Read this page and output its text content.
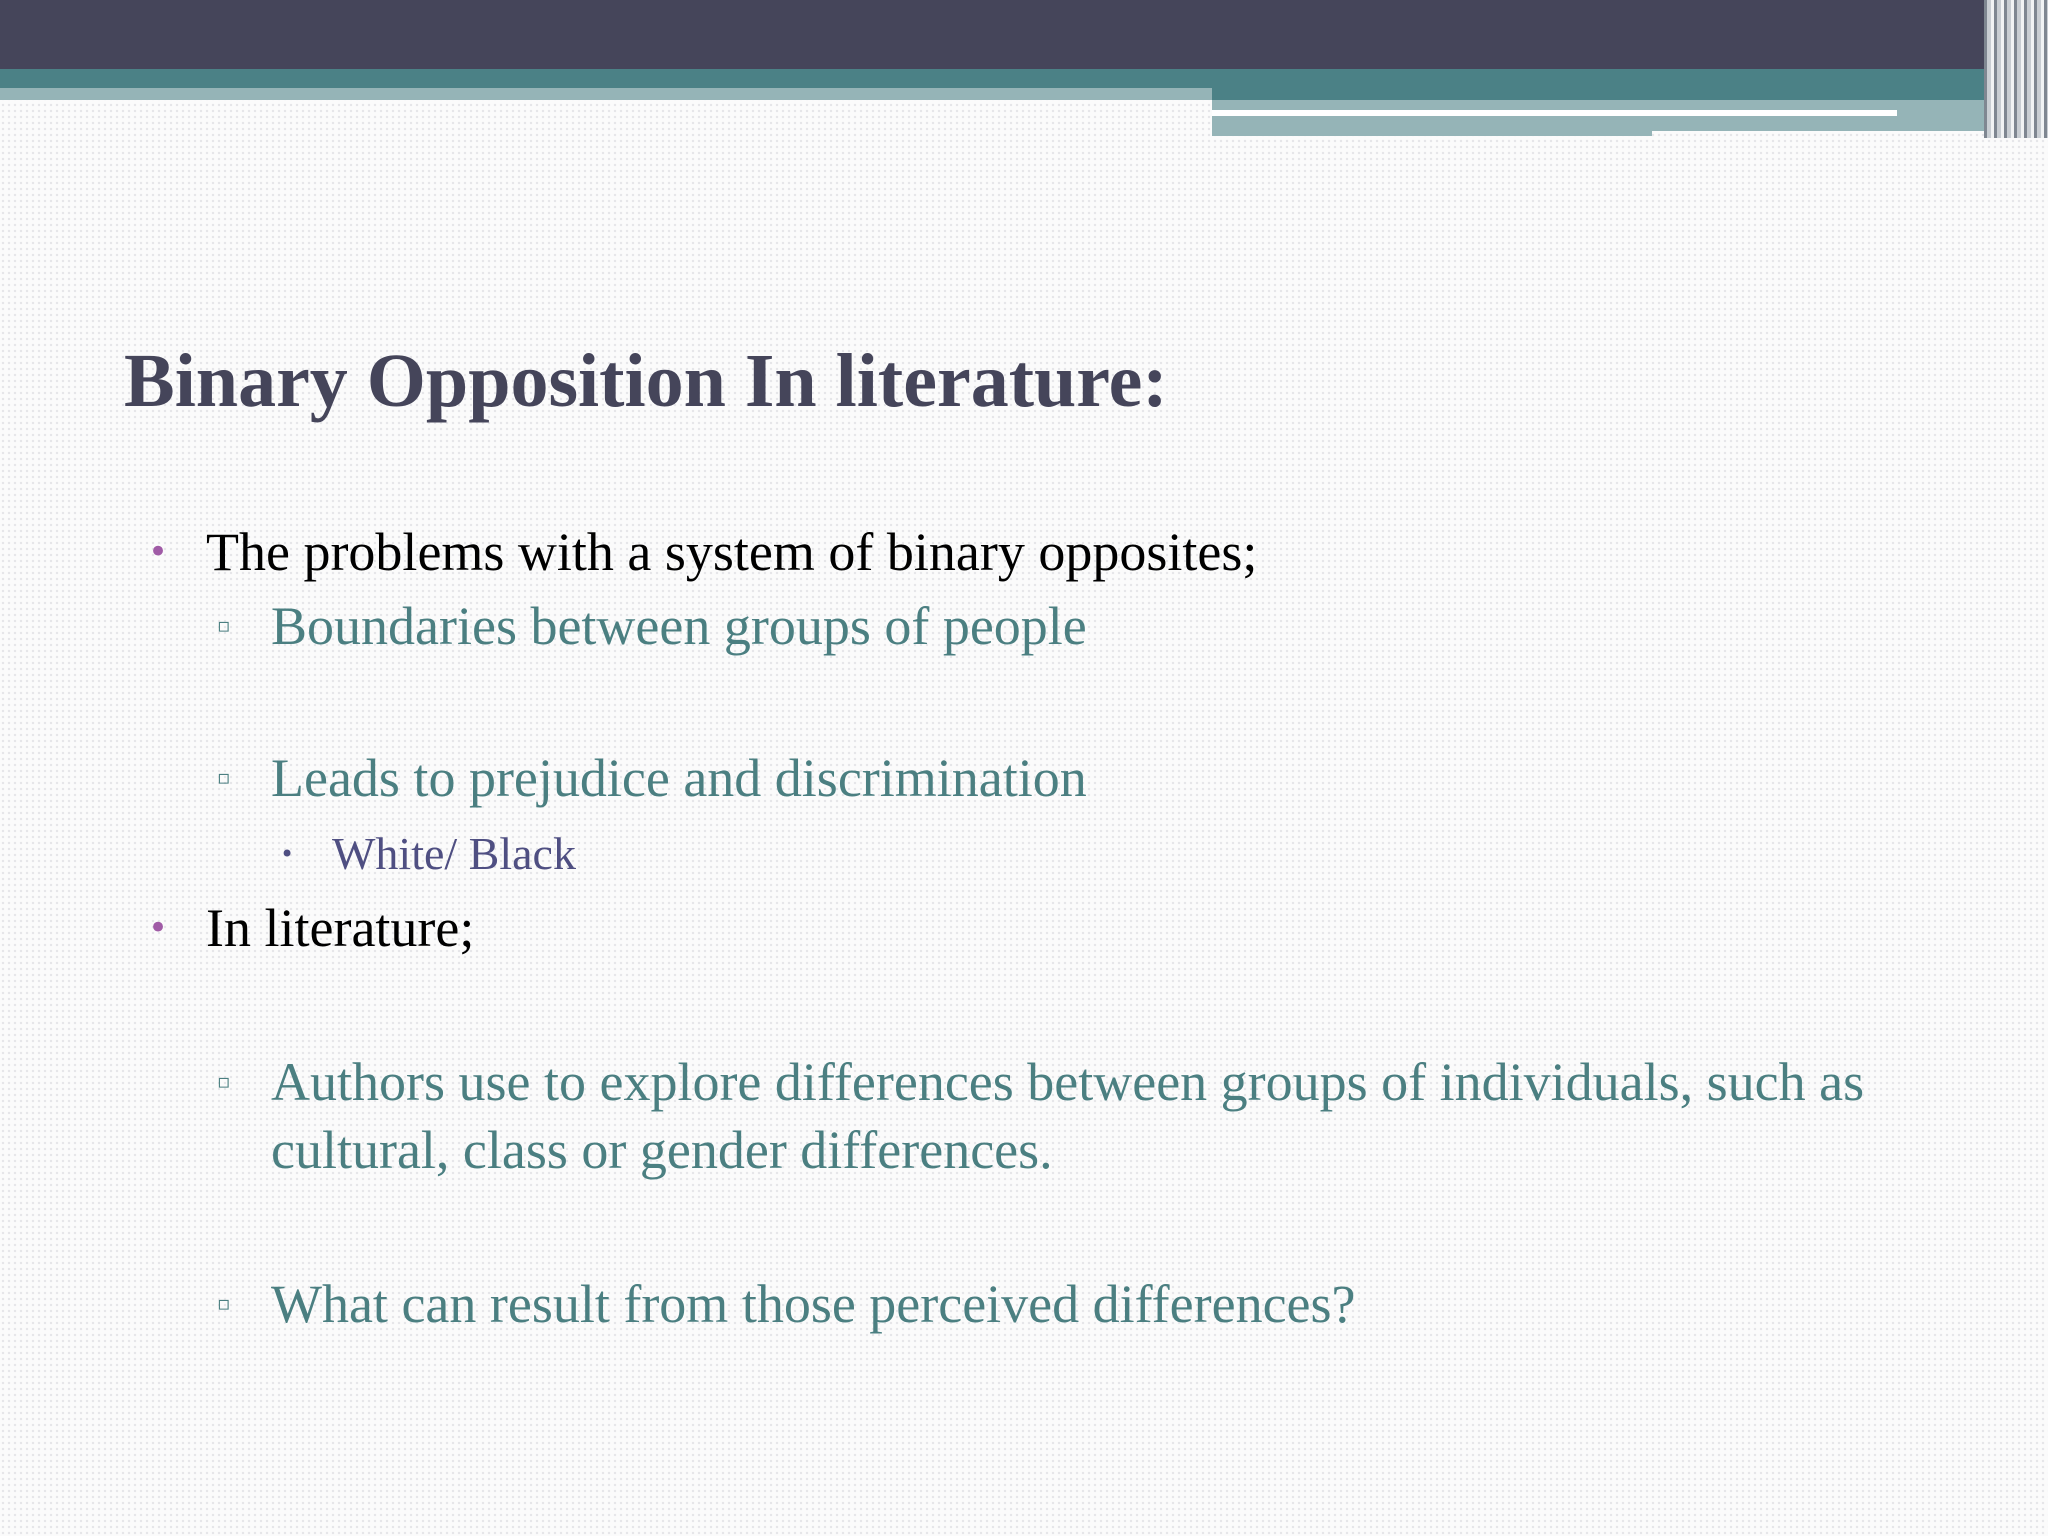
Binary Opposition In literature:
• The problems with a system of binary opposites;
▫ Boundaries between groups of people
▫ Leads to prejudice and discrimination
• White/ Black
• In literature;
▫ Authors use to explore differences between groups of individuals, such as cultural, class or gender differences.
▫ What can result from those perceived differences?
